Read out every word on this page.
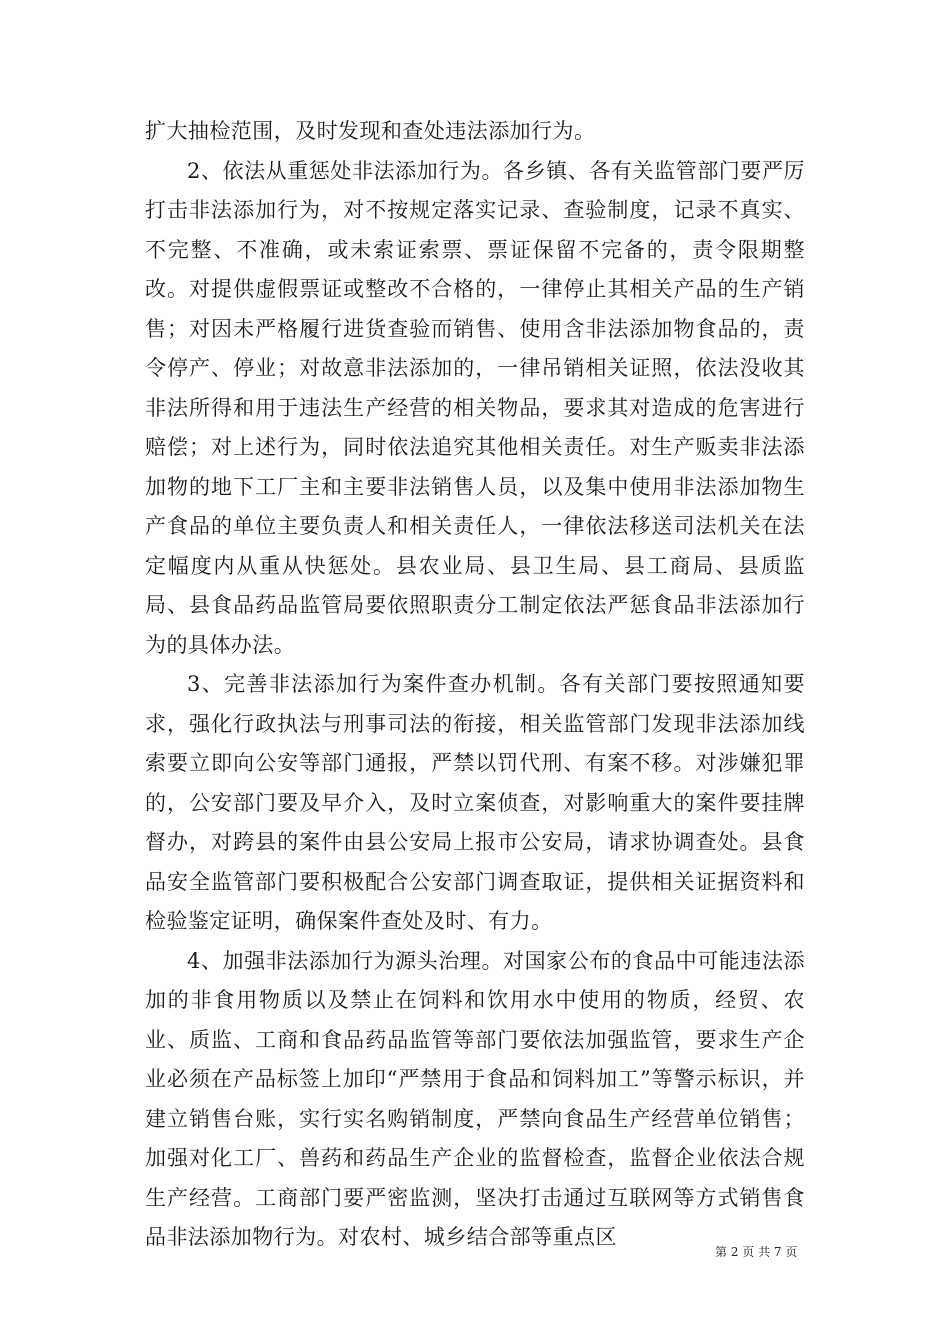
扩大抽检范围，及时发现和查处违法添加行为。

2、依法从重惩处非法添加行为。各乡镇、各有关监管部门要严厉打击非法添加行为，对不按规定落实记录、查验制度，记录不真实、不完整、不准确，或未索证索票、票证保留不完备的，责令限期整改。对提供虚假票证或整改不合格的，一律停止其相关产品的生产销售；对因未严格履行进货查验而销售、使用含非法添加物食品的，责令停产、停业；对故意非法添加的，一律吊销相关证照，依法没收其非法所得和用于违法生产经营的相关物品，要求其对造成的危害进行赔偿；对上述行为，同时依法追究其他相关责任。对生产贩卖非法添加物的地下工厂主和主要非法销售人员，以及集中使用非法添加物生产食品的单位主要负责人和相关责任人，一律依法移送司法机关在法定幅度内从重从快惩处。县农业局、县卫生局、县工商局、县质监局、县食品药品监管局要依照职责分工制定依法严惩食品非法添加行为的具体办法。

3、完善非法添加行为案件查办机制。各有关部门要按照通知要求，强化行政执法与刑事司法的衔接，相关监管部门发现非法添加线索要立即向公安等部门通报，严禁以罚代刑、有案不移。对涉嫌犯罪的，公安部门要及早介入，及时立案侦查，对影响重大的案件要挂牌督办，对跨县的案件由县公安局上报市公安局，请求协调查处。县食品安全监管部门要积极配合公安部门调查取证，提供相关证据资料和检验鉴定证明，确保案件查处及时、有力。

4、加强非法添加行为源头治理。对国家公布的食品中可能违法添加的非食用物质以及禁止在饲料和饮用水中使用的物质，经贸、农业、质监、工商和食品药品监管等部门要依法加强监管，要求生产企业必须在产品标签上加印“严禁用于食品和饲料加工”等警示标识，并建立销售台账，实行实名购销制度，严禁向食品生产经营单位销售；加强对化工厂、兽药和药品生产企业的监督检查，监督企业依法合规生产经营。工商部门要严密监测，坚决打击通过互联网等方式销售食品非法添加物行为。对农村、城乡结合部等重点区

第 2 页 共 7 页
